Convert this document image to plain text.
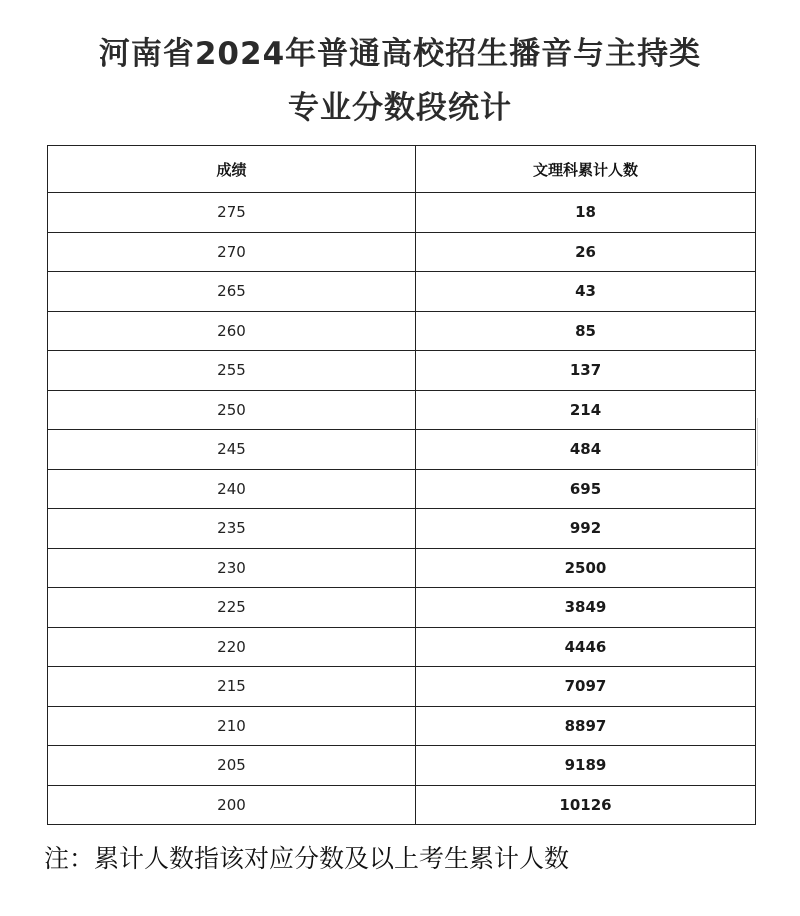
河南省2024年普通高校招生播音与主持类
专业分数段统计
成绩	文理科累计人数
275	18
270	26
265	43
260	85
255	137
250	214
245	484
240	695
235	992
230	2500
225	3849
220	4446
215	7097
210	8897
205	9189
200	10126
注：累计人数指该对应分数及以上考生累计人数
